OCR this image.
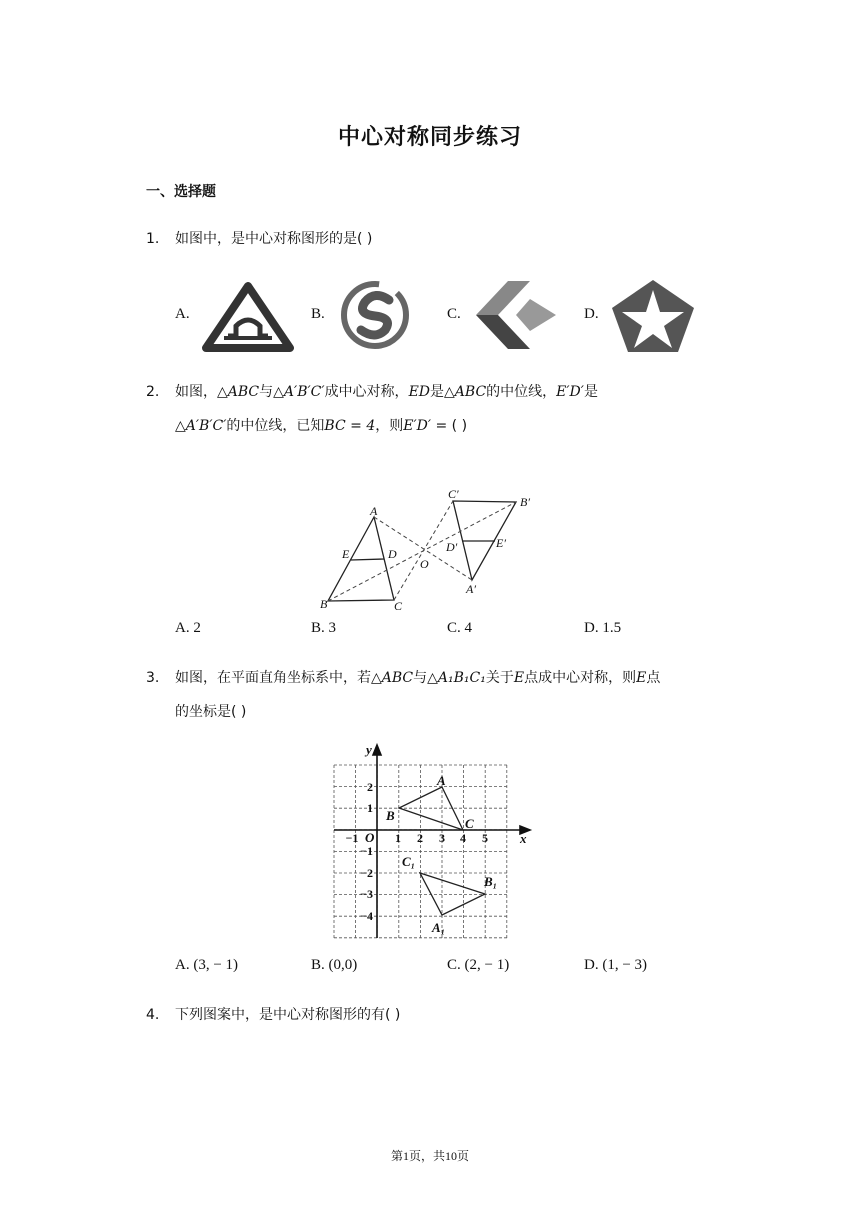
中心对称同步练习
一、选择题
1. 如图中，是中心对称图形的是( )
A.	B.	C.	D.
2. 如图，△ABC与△A′B′C′成中心对称，ED是△ABC的中位线，E′D′是
△A′B′C′的中位线，已知BC = 4，则E′D′ = ( )
A
B	C
D
E
O
A′
B′
C′
D′	E′
A. 2	B. 3	C. 4	D. 1.5
3. 如图，在平面直角坐标系中，若△ABC与△A₁B₁C₁关于E点成中心对称，则E点
的坐标是( )
y
x
O
A
B
C
A₁
B₁
C₁
−1	1 2 3 4 5
2
1
−1
−2
−3
−4
A. (3, − 1)	B. (0,0)	C. (2, − 1)	D. (1, − 3)
4. 下列图案中，是中心对称图形的有( )
第1页，共10页
